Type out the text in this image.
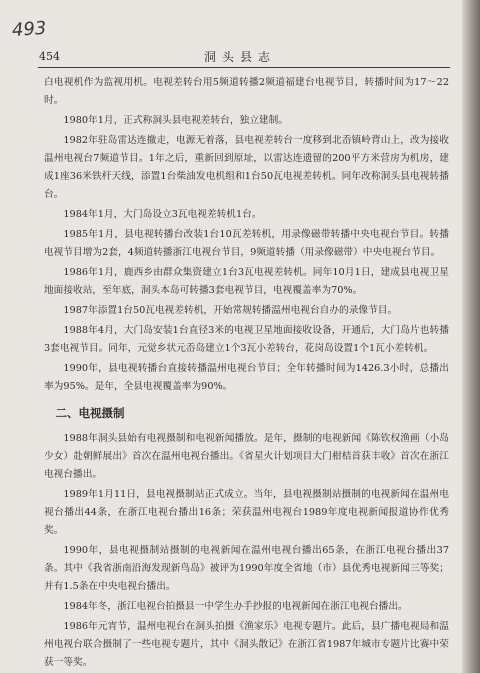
493
454	洞头县志

白电视机作为监视用机。电视差转台用5频道转播2频道福建台电视节目，转播时间为17～22时。

1980年1月，正式称洞头县电视差转台，独立建制。

1982年驻岛雷达连撤走，电源无着落，县电视差转台一度移到北岙镇岭背山上，改为接收温州电视台7频道节目。1年之后，重新回到原址，以雷达连遗留的200平方米营房为机房，建成1座36米铁杆天线，添置1台柴油发电机组和1台50瓦电视差转机。同年改称洞头县电视转播台。

1984年1月，大门岛设立3瓦电视差转机1台。

1985年1月，县电视转播台改装1台10瓦差转机，用录像磁带转播中央电视台节目。转播电视节目增为2套，4频道转播浙江电视台节目，9频道转播（用录像磁带）中央电视台节目。

1986年1月，鹿西乡由群众集资建立1台3瓦电视差转机。同年10月1日，建成县电视卫星地面接收站，至年底，洞头本岛可转播3套电视节目，电视覆盖率为70%。

1987年添置1台50瓦电视差转机，开始常规转播温州电视台自办的录像节目。

1988年4月，大门岛安装1台直径3米的电视卫星地面接收设备，开通后，大门岛片也转播3套电视节目。同年，元觉乡状元岙岛建立1个3瓦小差转台，花岗岛设置1个1瓦小差转机。

1990年，县电视转播台直接转播温州电视台节目；全年转播时间为1426.3小时，总播出率为95%。是年，全县电视覆盖率为90%。

二、电视摄制

1988年洞头县始有电视摄制和电视新闻播放。是年，摄制的电视新闻《陈钦权渔画（小岛少女）赴朝鲜展出》首次在温州电视台播出。《省星火计划项目大门柑桔首获丰收》首次在浙江电视台播出。

1989年1月11日，县电视摄制站正式成立。当年，县电视摄制站摄制的电视新闻在温州电视台播出44条，在浙江电视台播出16条；荣获温州电视台1989年度电视新闻报道协作优秀奖。

1990年，县电视摄制站摄制的电视新闻在温州电视台播出65条，在浙江电视台播出37条。其中《我省浙南沿海发现新鸟岛》被评为1990年度全省地（市）县优秀电视新闻三等奖；并有1.5条在中央电视台播出。

1984年冬，浙江电视台拍摄县一中学生办手抄报的电视新闻在浙江电视台播出。

1986年元宵节，温州电视台在洞头拍摄《渔家乐》电视专题片。此后，县广播电视局和温州电视台联合摄制了一些电视专题片，其中《洞头散记》在浙江省1987年城市专题片比赛中荣获一等奖。
